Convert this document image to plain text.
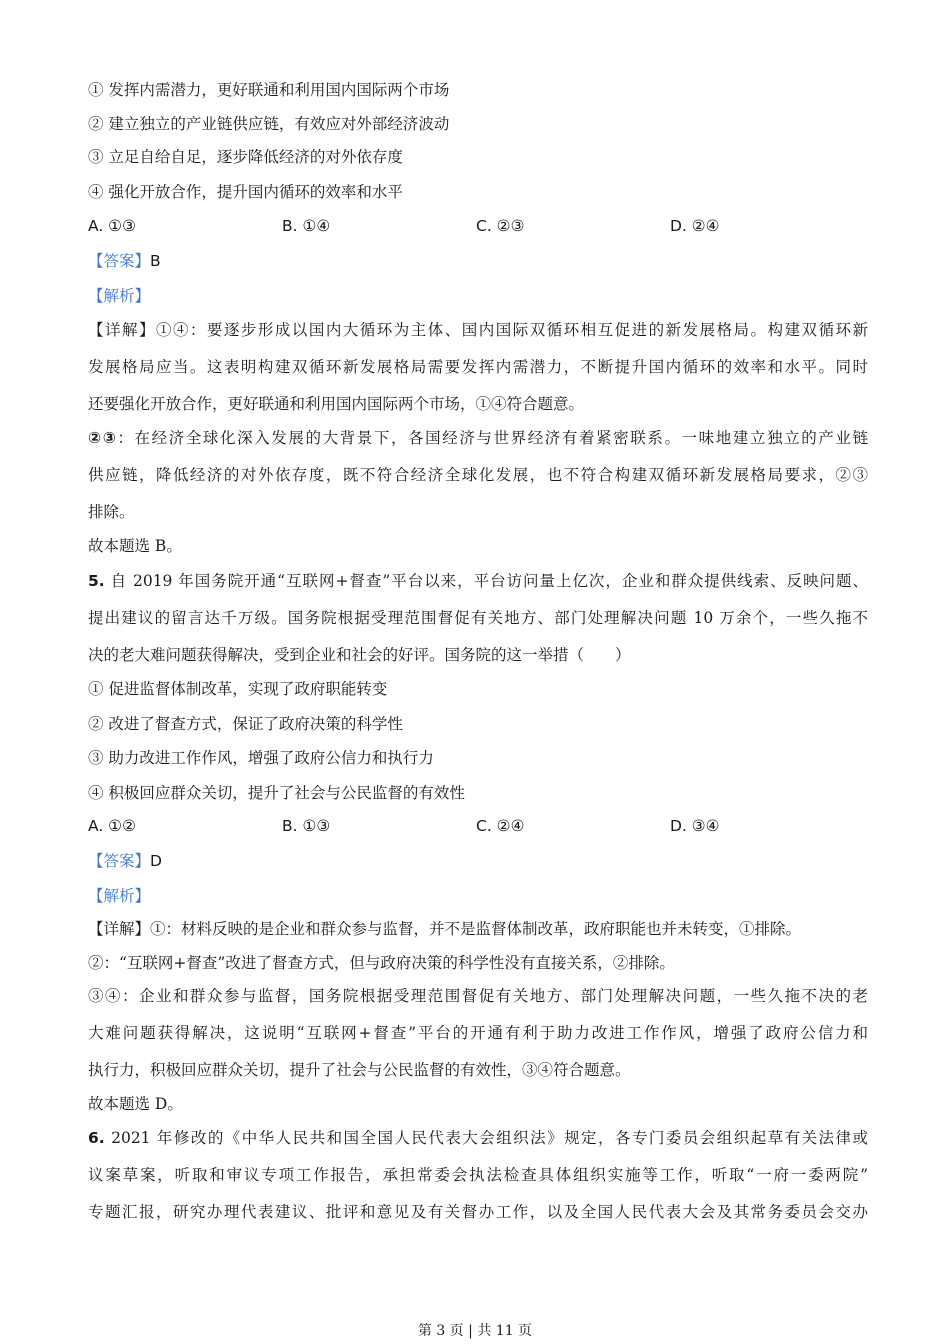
① 发挥内需潜力，更好联通和利用国内国际两个市场
② 建立独立的产业链供应链，有效应对外部经济波动
③ 立足自给自足，逐步降低经济的对外依存度
④ 强化开放合作，提升国内循环的效率和水平
A. ①③	B. ①④	C. ②③	D. ②④
【答案】B
【解析】
【详解】①④：要逐步形成以国内大循环为主体、国内国际双循环相互促进的新发展格局。构建双循环新
发展格局应当。这表明构建双循环新发展格局需要发挥内需潜力，不断提升国内循环的效率和水平。同时
还要强化开放合作，更好联通和利用国内国际两个市场，①④符合题意。
②③：在经济全球化深入发展的大背景下，各国经济与世界经济有着紧密联系。一味地建立独立的产业链
供应链，降低经济的对外依存度，既不符合经济全球化发展，也不符合构建双循环新发展格局要求，②③
排除。
故本题选 B。
5. 自 2019 年国务院开通“互联网+督查”平台以来，平台访问量上亿次，企业和群众提供线索、反映问题、
提出建议的留言达千万级。国务院根据受理范围督促有关地方、部门处理解决问题 10 万余个，一些久拖不
决的老大难问题获得解决，受到企业和社会的好评。国务院的这一举措（　　）
① 促进监督体制改革，实现了政府职能转变
② 改进了督查方式，保证了政府决策的科学性
③ 助力改进工作作风，增强了政府公信力和执行力
④ 积极回应群众关切，提升了社会与公民监督的有效性
A. ①②	B. ①③	C. ②④	D. ③④
【答案】D
【解析】
【详解】①：材料反映的是企业和群众参与监督，并不是监督体制改革，政府职能也并未转变，①排除。
②：“互联网+督查”改进了督查方式，但与政府决策的科学性没有直接关系，②排除。
③④：企业和群众参与监督，国务院根据受理范围督促有关地方、部门处理解决问题，一些久拖不决的老
大难问题获得解决，这说明“互联网+督查”平台的开通有利于助力改进工作作风，增强了政府公信力和
执行力，积极回应群众关切，提升了社会与公民监督的有效性，③④符合题意。
故本题选 D。
6. 2021 年修改的《中华人民共和国全国人民代表大会组织法》规定，各专门委员会组织起草有关法律或
议案草案，听取和审议专项工作报告，承担常委会执法检查具体组织实施等工作，听取“一府一委两院”
专题汇报，研究办理代表建议、批评和意见及有关督办工作，以及全国人民代表大会及其常务委员会交办
第 3 页 | 共 11 页
